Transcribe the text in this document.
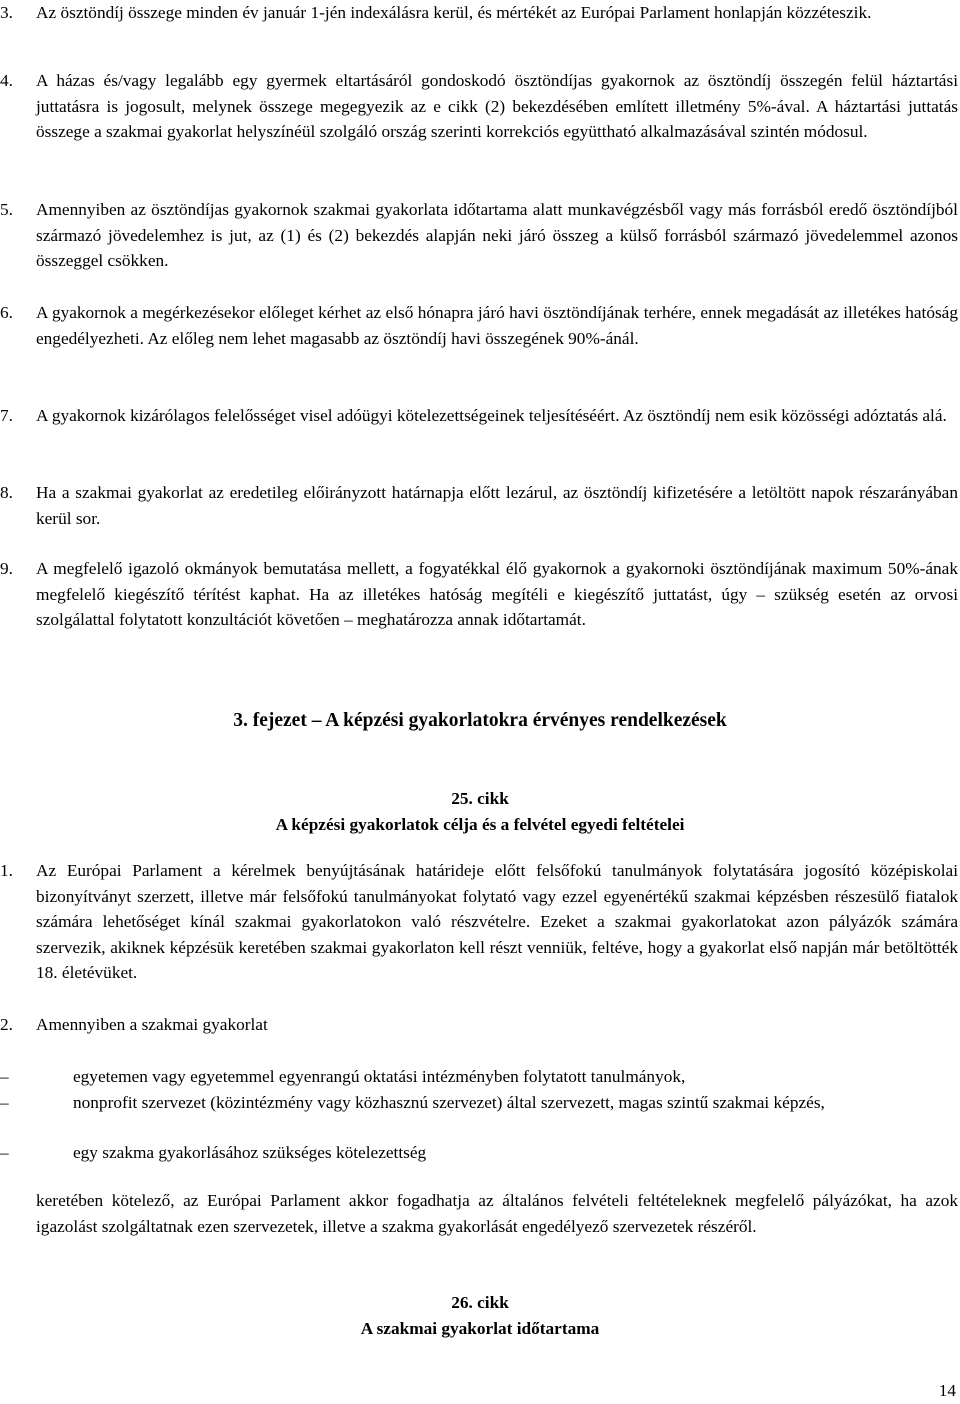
3. Az ösztöndíj összege minden év január 1-jén indexálásra kerül, és mértékét az Európai Parlament honlapján közzéteszik.
4. A házas és/vagy legalább egy gyermek eltartásáról gondoskodó ösztöndíjas gyakornok az ösztöndíj összegén felül háztartási juttatásra is jogosult, melynek összege megegyezik az e cikk (2) bekezdésében említett illetmény 5%-ával. A háztartási juttatás összege a szakmai gyakorlat helyszínéül szolgáló ország szerinti korrekciós együttható alkalmazásával szintén módosul.
5. Amennyiben az ösztöndíjas gyakornok szakmai gyakorlata időtartama alatt munkavégzésből vagy más forrásból eredő ösztöndíjból származó jövedelemhez is jut, az (1) és (2) bekezdés alapján neki járó összeg a külső forrásból származó jövedelemmel azonos összeggel csökken.
6. A gyakornok a megérkezésekor előleget kérhet az első hónapra járó havi ösztöndíjának terhére, ennek megadását az illetékes hatóság engedélyezheti. Az előleg nem lehet magasabb az ösztöndíj havi összegének 90%-ánál.
7. A gyakornok kizárólagos felelősséget visel adóügyi kötelezettségeinek teljesítéséért. Az ösztöndíj nem esik közösségi adóztatás alá.
8. Ha a szakmai gyakorlat az eredetileg előirányzott határnapja előtt lezárul, az ösztöndíj kifizetésére a letöltött napok részarányában kerül sor.
9. A megfelelő igazoló okmányok bemutatása mellett, a fogyatékkal élő gyakornok a gyakornoki ösztöndíjának maximum 50%-ának megfelelő kiegészítő térítést kaphat. Ha az illetékes hatóság megítéli e kiegészítő juttatást, úgy – szükség esetén az orvosi szolgálattal folytatott konzultációt követően – meghatározza annak időtartamát.
3. fejezet – A képzési gyakorlatokra érvényes rendelkezések
25. cikk
A képzési gyakorlatok célja és a felvétel egyedi feltételei
1. Az Európai Parlament a kérelmek benyújtásának határideje előtt felsőfokú tanulmányok folytatására jogosító középiskolai bizonyítványt szerzett, illetve már felsőfokú tanulmányokat folytató vagy ezzel egyenértékű szakmai képzésben részesülő fiatalok számára lehetőséget kínál szakmai gyakorlatokon való részvételre. Ezeket a szakmai gyakorlatokat azon pályázók számára szervezik, akiknek képzésük keretében szakmai gyakorlaton kell részt venniük, feltéve, hogy a gyakorlat első napján már betöltötték 18. életévüket.
2. Amennyiben a szakmai gyakorlat
–	egyetemen vagy egyetemmel egyenrangú oktatási intézményben folytatott tanulmányok,
–	nonprofit szervezet (közintézmény vagy közhasznú szervezet) által szervezett, magas szintű szakmai képzés,
–	egy szakma gyakorlásához szükséges kötelezettség
keretében kötelező, az Európai Parlament akkor fogadhatja az általános felvételi feltételeknek megfelelő pályázókat, ha azok igazolást szolgáltatnak ezen szervezetek, illetve a szakma gyakorlását engedélyező szervezetek részéről.
26. cikk
A szakmai gyakorlat időtartama
14
